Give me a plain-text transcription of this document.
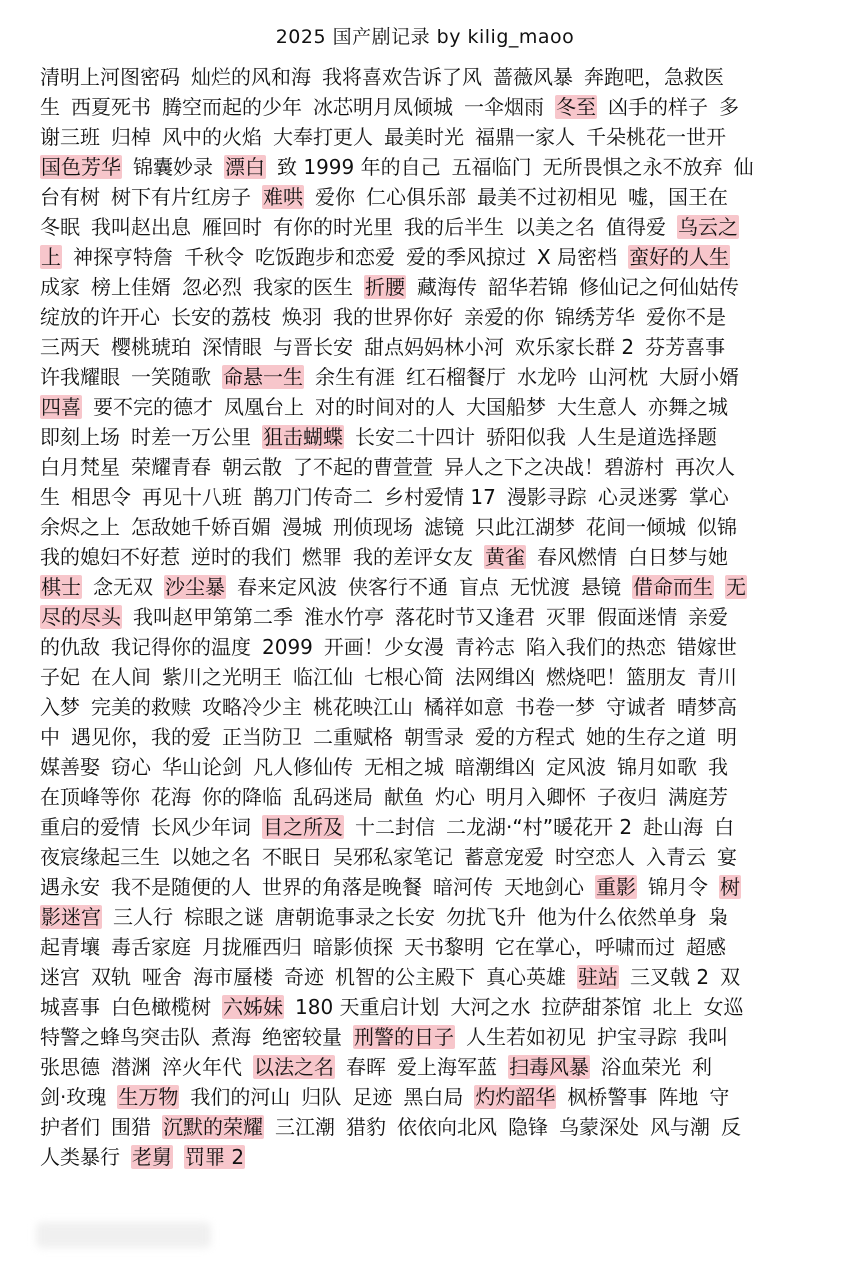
2025 国产剧记录 by kilig_maoo
清明上河图密码 灿烂的风和海 我将喜欢告诉了风 蔷薇风暴 奔跑吧，急救医
生 西夏死书 腾空而起的少年 冰芯明月凤倾城 一伞烟雨 冬至 凶手的样子 多
谢三班 归棹 风中的火焰 大奉打更人 最美时光 福鼎一家人 千朵桃花一世开
国色芳华 锦囊妙录 漂白 致 1999 年的自己 五福临门 无所畏惧之永不放弃 仙
台有树 树下有片红房子 难哄 爱你 仁心俱乐部 最美不过初相见 嘘，国王在
冬眠 我叫赵出息 雁回时 有你的时光里 我的后半生 以美之名 值得爱 乌云之
上 神探亨特詹 千秋令 吃饭跑步和恋爱 爱的季风掠过 X 局密档 蛮好的人生
成家 榜上佳婿 忽必烈 我家的医生 折腰 藏海传 韶华若锦 修仙记之何仙姑传
绽放的许开心 长安的荔枝 焕羽 我的世界你好 亲爱的你 锦绣芳华 爱你不是
三两天 樱桃琥珀 深情眼 与晋长安 甜点妈妈林小河 欢乐家长群 2 芬芳喜事
许我耀眼 一笑随歌 命悬一生 余生有涯 红石榴餐厅 水龙吟 山河枕 大厨小婿
四喜 要不完的德才 凤凰台上 对的时间对的人 大国船梦 大生意人 亦舞之城
即刻上场 时差一万公里 狙击蝴蝶 长安二十四计 骄阳似我 人生是道选择题
白月梵星 荣耀青春 朝云散 了不起的曹萱萱 异人之下之决战！碧游村 再次人
生 相思令 再见十八班 鹊刀门传奇二 乡村爱情 17 漫影寻踪 心灵迷雾 掌心
余烬之上 怎敌她千娇百媚 漫城 刑侦现场 滤镜 只此江湖梦 花间一倾城 似锦
我的媳妇不好惹 逆时的我们 燃罪 我的差评女友 黄雀 春风燃情 白日梦与她
棋士 念无双 沙尘暴 春来定风波 侠客行不通 盲点 无忧渡 悬镜 借命而生 无
尽的尽头 我叫赵甲第第二季 淮水竹亭 落花时节又逢君 灭罪 假面迷情 亲爱
的仇敌 我记得你的温度 2099 开画！少女漫 青衿志 陷入我们的热恋 错嫁世
子妃 在人间 紫川之光明王 临江仙 七根心简 法网缉凶 燃烧吧！篮朋友 青川
入梦 完美的救赎 攻略冷少主 桃花映江山 橘祥如意 书卷一梦 守诚者 晴梦高
中 遇见你，我的爱 正当防卫 二重赋格 朝雪录 爱的方程式 她的生存之道 明
媒善娶 窃心 华山论剑 凡人修仙传 无相之城 暗潮缉凶 定风波 锦月如歌 我
在顶峰等你 花海 你的降临 乱码迷局 献鱼 灼心 明月入卿怀 子夜归 满庭芳
重启的爱情 长风少年词 目之所及 十二封信 二龙湖·“村”暖花开 2 赴山海 白
夜宸缘起三生 以她之名 不眠日 吴邪私家笔记 蓄意宠爱 时空恋人 入青云 宴
遇永安 我不是随便的人 世界的角落是晚餐 暗河传 天地剑心 重影 锦月令 树
影迷宫 三人行 棕眼之谜 唐朝诡事录之长安 勿扰飞升 他为什么依然单身 枭
起青壤 毒舌家庭 月拢雁西归 暗影侦探 天书黎明 它在掌心，呼啸而过 超感
迷宫 双轨 哑舍 海市蜃楼 奇迹 机智的公主殿下 真心英雄 驻站 三叉戟 2 双
城喜事 白色橄榄树 六姊妹 180 天重启计划 大河之水 拉萨甜茶馆 北上 女巡
特警之蜂鸟突击队 煮海 绝密较量 刑警的日子 人生若如初见 护宝寻踪 我叫
张思德 潜渊 淬火年代 以法之名 春晖 爱上海军蓝 扫毒风暴 浴血荣光 利
剑·玫瑰 生万物 我们的河山 归队 足迹 黑白局 灼灼韶华 枫桥警事 阵地 守
护者们 围猎 沉默的荣耀 三江潮 猎豹 依依向北风 隐锋 乌蒙深处 风与潮 反
人类暴行 老舅 罚罪 2
